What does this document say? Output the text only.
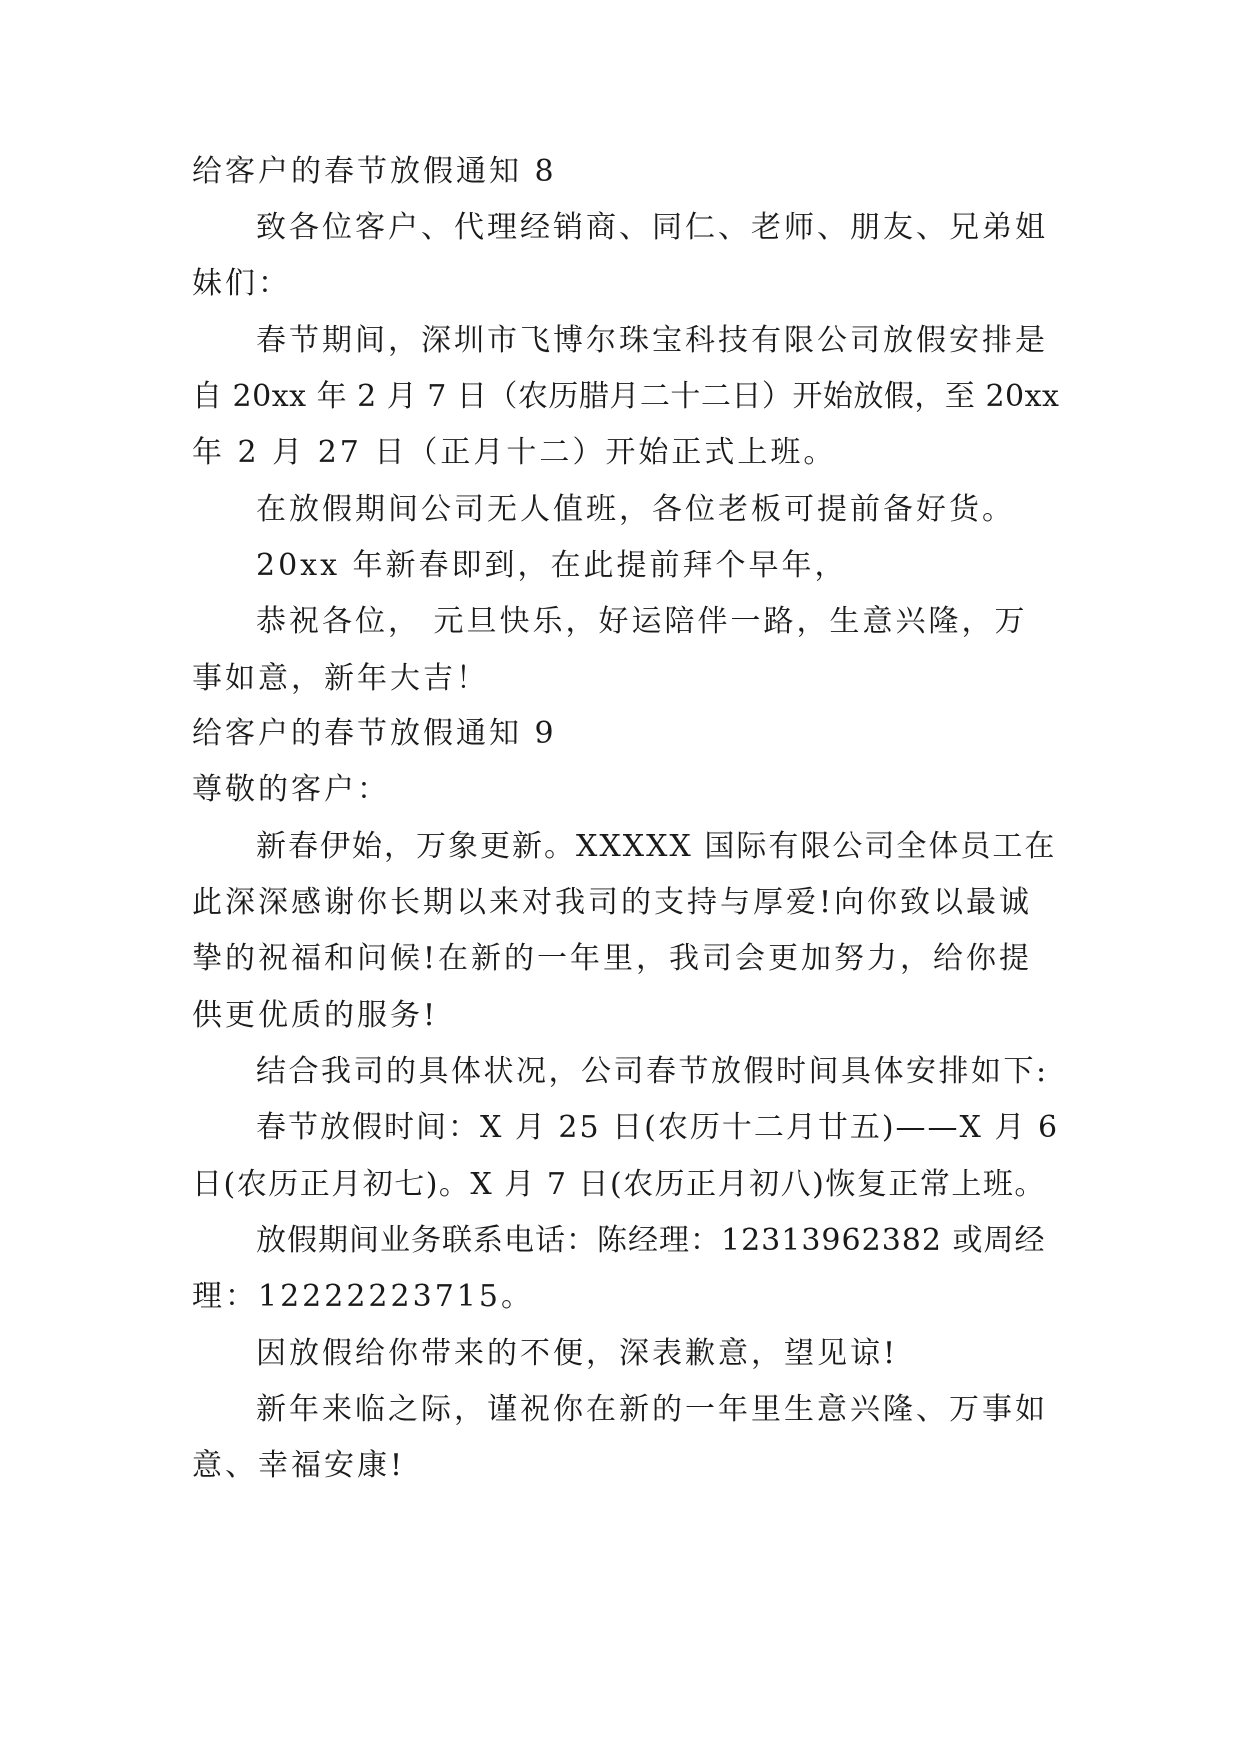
给客户的春节放假通知 8
致各位客户、代理经销商、同仁、老师、朋友、兄弟姐
妹们：
春节期间，深圳市飞博尔珠宝科技有限公司放假安排是
自 20xx 年 2 月 7 日（农历腊月二十二日）开始放假，至 20xx
年 2 月 27 日（正月十二）开始正式上班。
在放假期间公司无人值班，各位老板可提前备好货。
20xx 年新春即到，在此提前拜个早年，
恭祝各位， 元旦快乐，好运陪伴一路，生意兴隆，万
事如意，新年大吉！
给客户的春节放假通知 9
尊敬的客户：
新春伊始，万象更新。XXXXX 国际有限公司全体员工在
此深深感谢你长期以来对我司的支持与厚爱!向你致以最诚
挚的祝福和问候!在新的一年里，我司会更加努力，给你提
供更优质的服务!
结合我司的具体状况，公司春节放假时间具体安排如下:
春节放假时间：X 月 25 日(农历十二月廿五)——X 月 6
日(农历正月初七)。X 月 7 日(农历正月初八)恢复正常上班。
放假期间业务联系电话：陈经理：12313962382 或周经
理：12222223715。
因放假给你带来的不便，深表歉意，望见谅!
新年来临之际，谨祝你在新的一年里生意兴隆、万事如
意、幸福安康!
